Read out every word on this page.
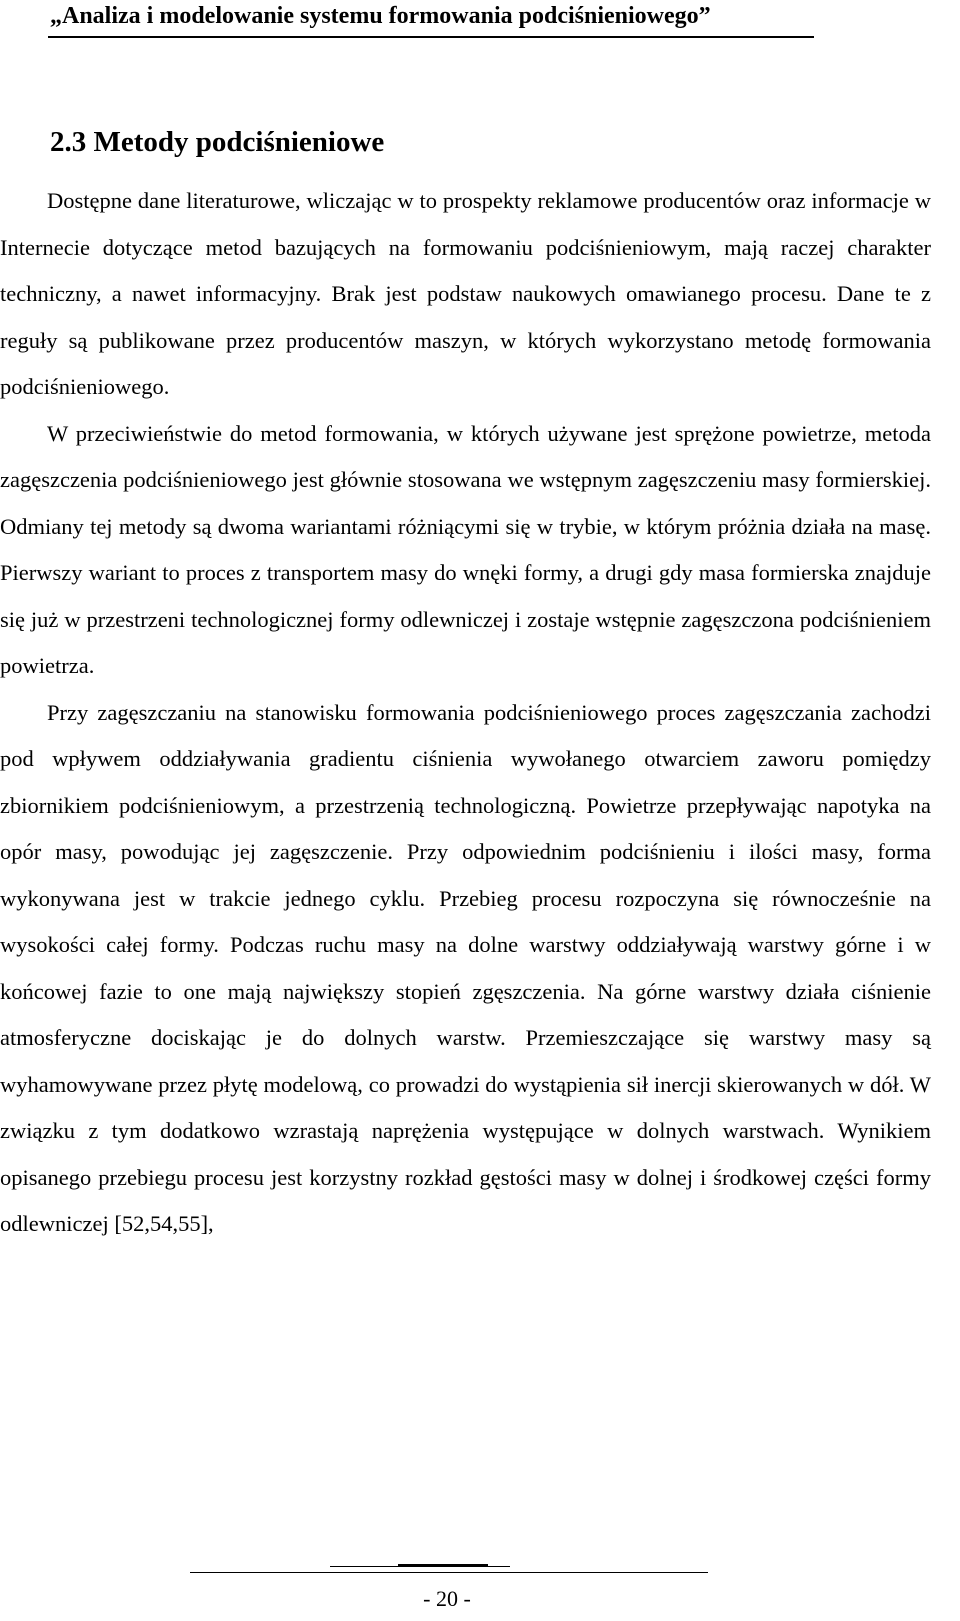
„Analiza i modelowanie systemu formowania podciśnieniowego”
2.3 Metody podciśnieniowe

Dostępne dane literaturowe, wliczając w to prospekty reklamowe producentów oraz informacje w Internecie dotyczące metod bazujących na formowaniu podciśnieniowym, mają raczej charakter techniczny, a nawet informacyjny. Brak jest podstaw naukowych omawianego procesu. Dane te z reguły są publikowane przez producentów maszyn, w których wykorzystano metodę formowania podciśnieniowego.

W przeciwieństwie do metod formowania, w których używane jest sprężone powietrze, metoda zagęszczenia podciśnieniowego jest głównie stosowana we wstępnym zagęszczeniu masy formierskiej. Odmiany tej metody są dwoma wariantami różniącymi się w trybie, w którym próżnia działa na masę. Pierwszy wariant to proces z transportem masy do wnęki formy, a drugi gdy masa formierska znajduje się już w przestrzeni technologicznej formy odlewniczej i zostaje wstępnie zagęszczona podciśnieniem powietrza.

Przy zagęszczaniu na stanowisku formowania podciśnieniowego proces zagęszczania zachodzi pod wpływem oddziaływania gradientu ciśnienia wywołanego otwarciem zaworu pomiędzy zbiornikiem podciśnieniowym, a przestrzenią technologiczną. Powietrze przepływając napotyka na opór masy, powodując jej zagęszczenie. Przy odpowiednim podciśnieniu i ilości masy, forma wykonywana jest w trakcie jednego cyklu. Przebieg procesu rozpoczyna się równocześnie na wysokości całej formy. Podczas ruchu masy na dolne warstwy oddziaływają warstwy górne i w końcowej fazie to one mają największy stopień zgęszczenia. Na górne warstwy działa ciśnienie atmosferyczne dociskając je do dolnych warstw. Przemieszczające się warstwy masy są wyhamowywane przez płytę modelową, co prowadzi do wystąpienia sił inercji skierowanych w dół. W związku z tym dodatkowo wzrastają naprężenia występujące w dolnych warstwach. Wynikiem opisanego przebiegu procesu jest korzystny rozkład gęstości masy w dolnej i środkowej części formy odlewniczej [52,54,55],

- 20 -
